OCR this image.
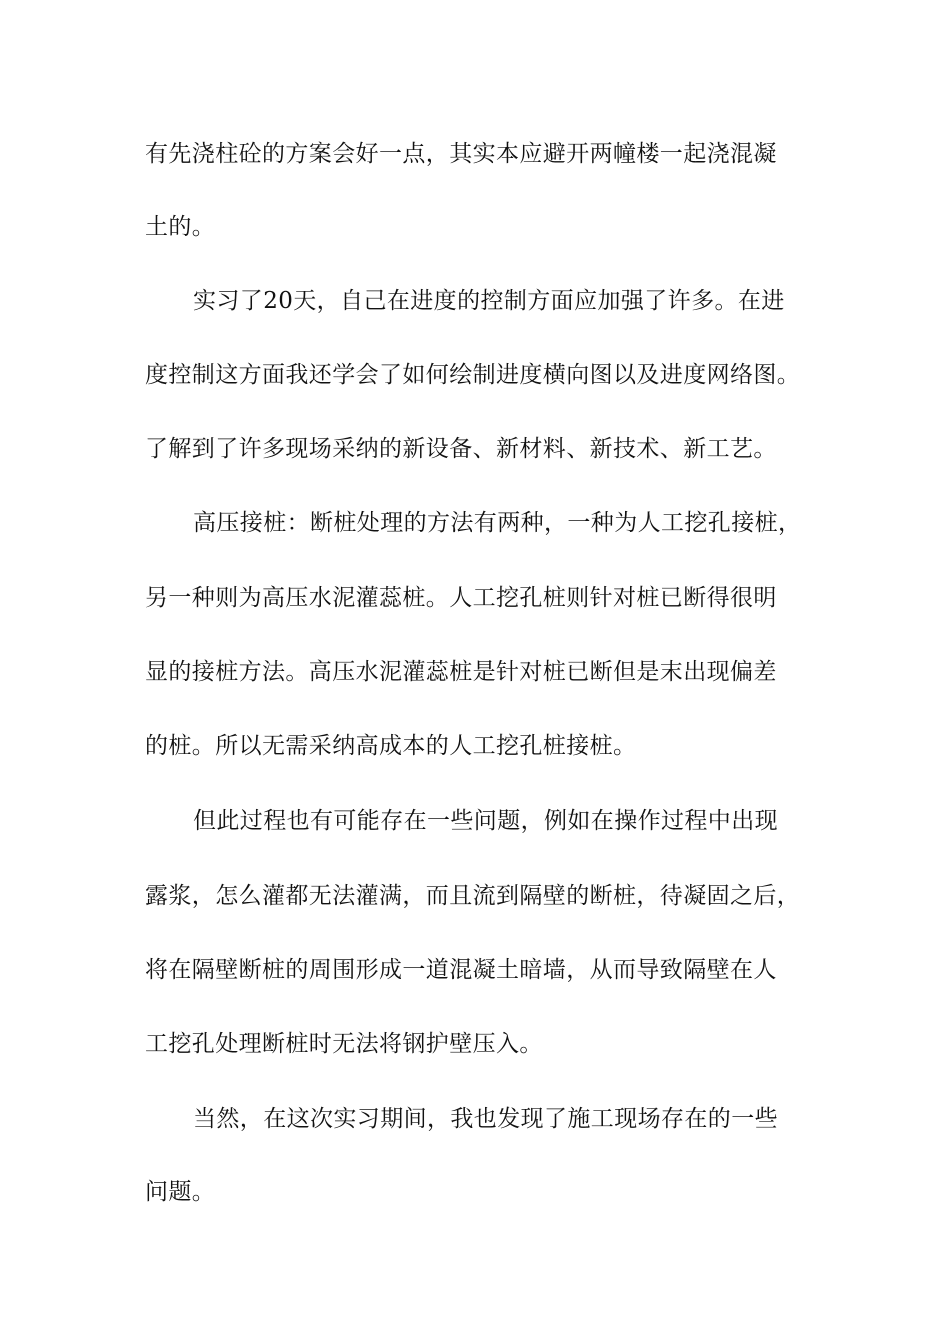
有先浇柱砼的方案会好一点，其实本应避开两幢楼一起浇混凝
土的。
实习了20天，自己在进度的控制方面应加强了许多。在进
度控制这方面我还学会了如何绘制进度横向图以及进度网络图。
了解到了许多现场采纳的新设备、新材料、新技术、新工艺。
高压接桩：断桩处理的方法有两种，一种为人工挖孔接桩，
另一种则为高压水泥灌蕊桩。人工挖孔桩则针对桩已断得很明
显的接桩方法。高压水泥灌蕊桩是针对桩已断但是末出现偏差
的桩。所以无需采纳高成本的人工挖孔桩接桩。
但此过程也有可能存在一些问题，例如在操作过程中出现
露浆，怎么灌都无法灌满，而且流到隔壁的断桩，待凝固之后，
将在隔壁断桩的周围形成一道混凝土暗墙，从而导致隔壁在人
工挖孔处理断桩时无法将钢护壁压入。
当然，在这次实习期间，我也发现了施工现场存在的一些
问题。
